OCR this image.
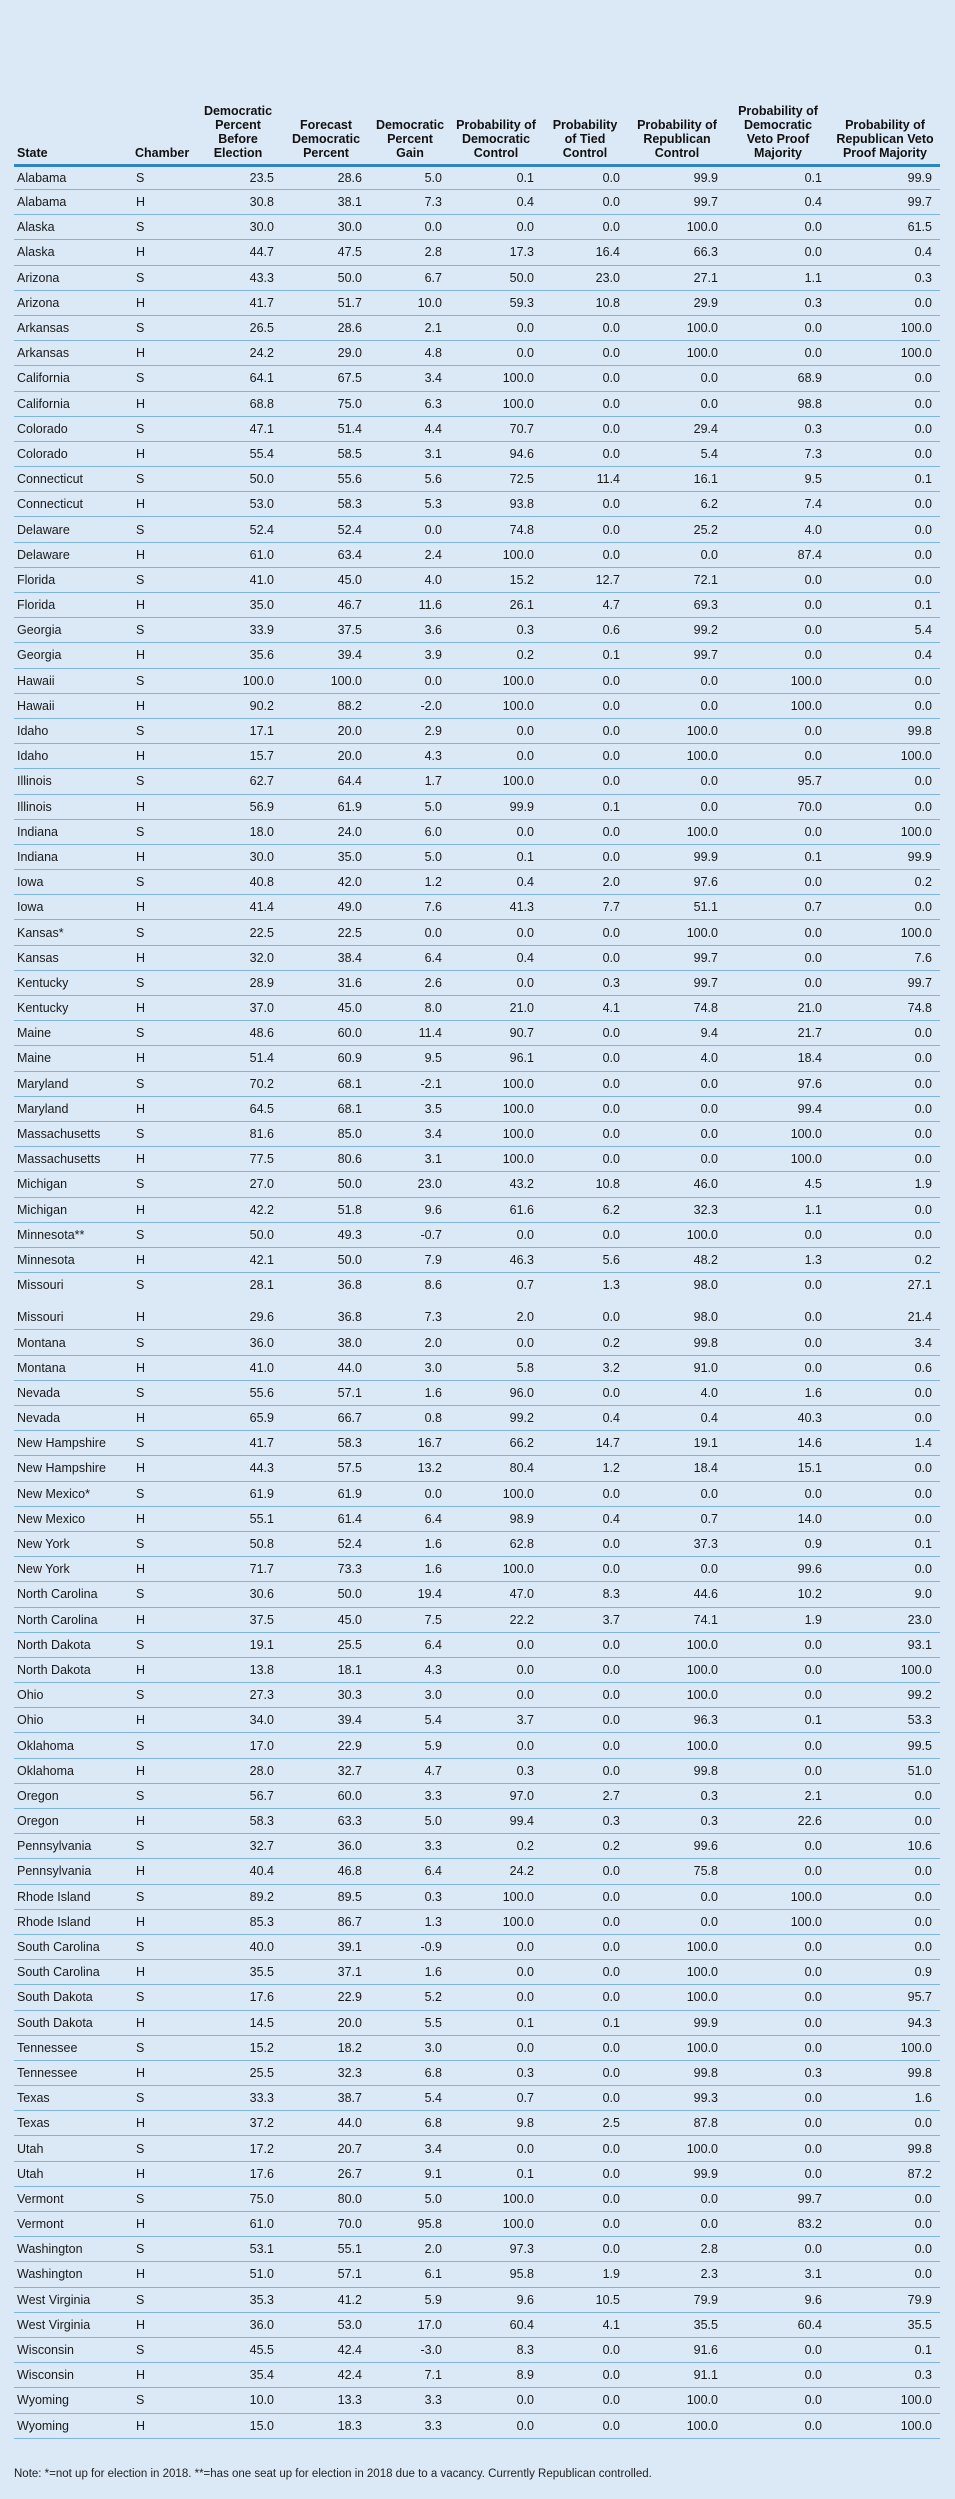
State	Chamber	Democratic Percent Before Election	Forecast Democratic Percent	Democratic Percent Gain	Probability of Democratic Control	Probability of Tied Control	Probability of Republican Control	Probability of Democratic Veto Proof Majority	Probability of Republican Veto Proof Majority
Alabama	S	23.5	28.6	5.0	0.1	0.0	99.9	0.1	99.9
Alabama	H	30.8	38.1	7.3	0.4	0.0	99.7	0.4	99.7
Alaska	S	30.0	30.0	0.0	0.0	0.0	100.0	0.0	61.5
Alaska	H	44.7	47.5	2.8	17.3	16.4	66.3	0.0	0.4
Arizona	S	43.3	50.0	6.7	50.0	23.0	27.1	1.1	0.3
Arizona	H	41.7	51.7	10.0	59.3	10.8	29.9	0.3	0.0
Arkansas	S	26.5	28.6	2.1	0.0	0.0	100.0	0.0	100.0
Arkansas	H	24.2	29.0	4.8	0.0	0.0	100.0	0.0	100.0
California	S	64.1	67.5	3.4	100.0	0.0	0.0	68.9	0.0
California	H	68.8	75.0	6.3	100.0	0.0	0.0	98.8	0.0
Colorado	S	47.1	51.4	4.4	70.7	0.0	29.4	0.3	0.0
Colorado	H	55.4	58.5	3.1	94.6	0.0	5.4	7.3	0.0
Connecticut	S	50.0	55.6	5.6	72.5	11.4	16.1	9.5	0.1
Connecticut	H	53.0	58.3	5.3	93.8	0.0	6.2	7.4	0.0
Delaware	S	52.4	52.4	0.0	74.8	0.0	25.2	4.0	0.0
Delaware	H	61.0	63.4	2.4	100.0	0.0	0.0	87.4	0.0
Florida	S	41.0	45.0	4.0	15.2	12.7	72.1	0.0	0.0
Florida	H	35.0	46.7	11.6	26.1	4.7	69.3	0.0	0.1
Georgia	S	33.9	37.5	3.6	0.3	0.6	99.2	0.0	5.4
Georgia	H	35.6	39.4	3.9	0.2	0.1	99.7	0.0	0.4
Hawaii	S	100.0	100.0	0.0	100.0	0.0	0.0	100.0	0.0
Hawaii	H	90.2	88.2	-2.0	100.0	0.0	0.0	100.0	0.0
Idaho	S	17.1	20.0	2.9	0.0	0.0	100.0	0.0	99.8
Idaho	H	15.7	20.0	4.3	0.0	0.0	100.0	0.0	100.0
Illinois	S	62.7	64.4	1.7	100.0	0.0	0.0	95.7	0.0
Illinois	H	56.9	61.9	5.0	99.9	0.1	0.0	70.0	0.0
Indiana	S	18.0	24.0	6.0	0.0	0.0	100.0	0.0	100.0
Indiana	H	30.0	35.0	5.0	0.1	0.0	99.9	0.1	99.9
Iowa	S	40.8	42.0	1.2	0.4	2.0	97.6	0.0	0.2
Iowa	H	41.4	49.0	7.6	41.3	7.7	51.1	0.7	0.0
Kansas*	S	22.5	22.5	0.0	0.0	0.0	100.0	0.0	100.0
Kansas	H	32.0	38.4	6.4	0.4	0.0	99.7	0.0	7.6
Kentucky	S	28.9	31.6	2.6	0.0	0.3	99.7	0.0	99.7
Kentucky	H	37.0	45.0	8.0	21.0	4.1	74.8	21.0	74.8
Maine	S	48.6	60.0	11.4	90.7	0.0	9.4	21.7	0.0
Maine	H	51.4	60.9	9.5	96.1	0.0	4.0	18.4	0.0
Maryland	S	70.2	68.1	-2.1	100.0	0.0	0.0	97.6	0.0
Maryland	H	64.5	68.1	3.5	100.0	0.0	0.0	99.4	0.0
Massachusetts	S	81.6	85.0	3.4	100.0	0.0	0.0	100.0	0.0
Massachusetts	H	77.5	80.6	3.1	100.0	0.0	0.0	100.0	0.0
Michigan	S	27.0	50.0	23.0	43.2	10.8	46.0	4.5	1.9
Michigan	H	42.2	51.8	9.6	61.6	6.2	32.3	1.1	0.0
Minnesota**	S	50.0	49.3	-0.7	0.0	0.0	100.0	0.0	0.0
Minnesota	H	42.1	50.0	7.9	46.3	5.6	48.2	1.3	0.2
Missouri	S	28.1	36.8	8.6	0.7	1.3	98.0	0.0	27.1
Missouri	H	29.6	36.8	7.3	2.0	0.0	98.0	0.0	21.4
Montana	S	36.0	38.0	2.0	0.0	0.2	99.8	0.0	3.4
Montana	H	41.0	44.0	3.0	5.8	3.2	91.0	0.0	0.6
Nevada	S	55.6	57.1	1.6	96.0	0.0	4.0	1.6	0.0
Nevada	H	65.9	66.7	0.8	99.2	0.4	0.4	40.3	0.0
New Hampshire	S	41.7	58.3	16.7	66.2	14.7	19.1	14.6	1.4
New Hampshire	H	44.3	57.5	13.2	80.4	1.2	18.4	15.1	0.0
New Mexico*	S	61.9	61.9	0.0	100.0	0.0	0.0	0.0	0.0
New Mexico	H	55.1	61.4	6.4	98.9	0.4	0.7	14.0	0.0
New York	S	50.8	52.4	1.6	62.8	0.0	37.3	0.9	0.1
New York	H	71.7	73.3	1.6	100.0	0.0	0.0	99.6	0.0
North Carolina	S	30.6	50.0	19.4	47.0	8.3	44.6	10.2	9.0
North Carolina	H	37.5	45.0	7.5	22.2	3.7	74.1	1.9	23.0
North Dakota	S	19.1	25.5	6.4	0.0	0.0	100.0	0.0	93.1
North Dakota	H	13.8	18.1	4.3	0.0	0.0	100.0	0.0	100.0
Ohio	S	27.3	30.3	3.0	0.0	0.0	100.0	0.0	99.2
Ohio	H	34.0	39.4	5.4	3.7	0.0	96.3	0.1	53.3
Oklahoma	S	17.0	22.9	5.9	0.0	0.0	100.0	0.0	99.5
Oklahoma	H	28.0	32.7	4.7	0.3	0.0	99.8	0.0	51.0
Oregon	S	56.7	60.0	3.3	97.0	2.7	0.3	2.1	0.0
Oregon	H	58.3	63.3	5.0	99.4	0.3	0.3	22.6	0.0
Pennsylvania	S	32.7	36.0	3.3	0.2	0.2	99.6	0.0	10.6
Pennsylvania	H	40.4	46.8	6.4	24.2	0.0	75.8	0.0	0.0
Rhode Island	S	89.2	89.5	0.3	100.0	0.0	0.0	100.0	0.0
Rhode Island	H	85.3	86.7	1.3	100.0	0.0	0.0	100.0	0.0
South Carolina	S	40.0	39.1	-0.9	0.0	0.0	100.0	0.0	0.0
South Carolina	H	35.5	37.1	1.6	0.0	0.0	100.0	0.0	0.9
South Dakota	S	17.6	22.9	5.2	0.0	0.0	100.0	0.0	95.7
South Dakota	H	14.5	20.0	5.5	0.1	0.1	99.9	0.0	94.3
Tennessee	S	15.2	18.2	3.0	0.0	0.0	100.0	0.0	100.0
Tennessee	H	25.5	32.3	6.8	0.3	0.0	99.8	0.3	99.8
Texas	S	33.3	38.7	5.4	0.7	0.0	99.3	0.0	1.6
Texas	H	37.2	44.0	6.8	9.8	2.5	87.8	0.0	0.0
Utah	S	17.2	20.7	3.4	0.0	0.0	100.0	0.0	99.8
Utah	H	17.6	26.7	9.1	0.1	0.0	99.9	0.0	87.2
Vermont	S	75.0	80.0	5.0	100.0	0.0	0.0	99.7	0.0
Vermont	H	61.0	70.0	95.8	100.0	0.0	0.0	83.2	0.0
Washington	S	53.1	55.1	2.0	97.3	0.0	2.8	0.0	0.0
Washington	H	51.0	57.1	6.1	95.8	1.9	2.3	3.1	0.0
West Virginia	S	35.3	41.2	5.9	9.6	10.5	79.9	9.6	79.9
West Virginia	H	36.0	53.0	17.0	60.4	4.1	35.5	60.4	35.5
Wisconsin	S	45.5	42.4	-3.0	8.3	0.0	91.6	0.0	0.1
Wisconsin	H	35.4	42.4	7.1	8.9	0.0	91.1	0.0	0.3
Wyoming	S	10.0	13.3	3.3	0.0	0.0	100.0	0.0	100.0
Wyoming	H	15.0	18.3	3.3	0.0	0.0	100.0	0.0	100.0
Note: *=not up for election in 2018. **=has one seat up for election in 2018 due to a vacancy. Currently Republican controlled.
